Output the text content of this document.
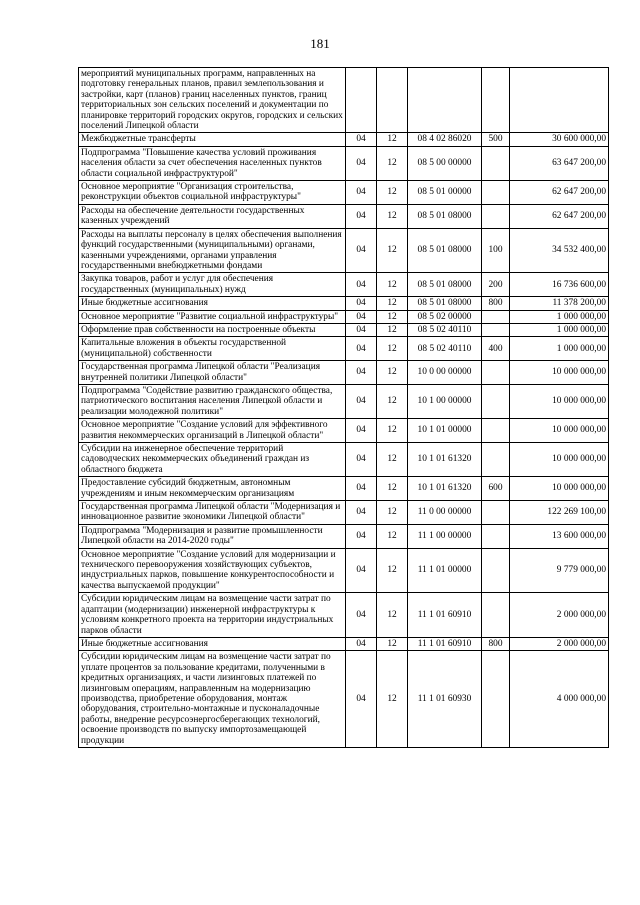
181
мероприятий муниципальных программ, направленных на подготовку генеральных планов, правил землепользования и застройки, карт (планов) границ населенных пунктов, границ территориальных зон сельских поселений и документации по планировке территорий городских округов, городских и сельских поселений Липецкой области					
Межбюджетные трансферты	04	12	08 4 02 86020	500	30 600 000,00
Подпрограмма "Повышение качества условий проживания населения области за счет обеспечения населенных пунктов области социальной инфраструктурой"	04	12	08 5 00 00000		63 647 200,00
Основное мероприятие "Организация строительства, реконструкции объектов социальной инфраструктуры"	04	12	08 5 01 00000		62 647 200,00
Расходы на обеспечение деятельности государственных казенных учреждений	04	12	08 5 01 08000		62 647 200,00
Расходы на выплаты персоналу в целях обеспечения выполнения функций государственными (муниципальными) органами, казенными учреждениями, органами управления государственными внебюджетными фондами	04	12	08 5 01 08000	100	34 532 400,00
Закупка товаров, работ и услуг для обеспечения государственных (муниципальных) нужд	04	12	08 5 01 08000	200	16 736 600,00
Иные бюджетные ассигнования	04	12	08 5 01 08000	800	11 378 200,00
Основное мероприятие "Развитие социальной инфраструктуры"	04	12	08 5 02 00000		1 000 000,00
Оформление прав собственности на построенные объекты	04	12	08 5 02 40110		1 000 000,00
Капитальные вложения в объекты государственной (муниципальной) собственности	04	12	08 5 02 40110	400	1 000 000,00
Государственная программа Липецкой области "Реализация внутренней политики Липецкой области"	04	12	10 0 00 00000		10 000 000,00
Подпрограмма "Содействие развитию гражданского общества, патриотического воспитания населения Липецкой области и реализации молодежной политики"	04	12	10 1 00 00000		10 000 000,00
Основное мероприятие "Создание условий для эффективного развития некоммерческих организаций в Липецкой области"	04	12	10 1 01 00000		10 000 000,00
Субсидии на инженерное обеспечение территорий садоводческих некоммерческих объединений граждан из областного бюджета	04	12	10 1 01 61320		10 000 000,00
Предоставление субсидий бюджетным, автономным учреждениям и иным некоммерческим организациям	04	12	10 1 01 61320	600	10 000 000,00
Государственная программа Липецкой области "Модернизация и инновационное развитие экономики Липецкой области"	04	12	11 0 00 00000		122 269 100,00
Подпрограмма "Модернизация и развитие промышленности Липецкой области на 2014-2020 годы"	04	12	11 1 00 00000		13 600 000,00
Основное мероприятие "Создание условий для модернизации и технического перевооружения хозяйствующих субъектов, индустриальных парков, повышение конкурентоспособности и качества выпускаемой продукции"	04	12	11 1 01 00000		9 779 000,00
Субсидии юридическим лицам на возмещение части затрат по адаптации (модернизации) инженерной инфраструктуры к условиям конкретного проекта на территории индустриальных парков области	04	12	11 1 01 60910		2 000 000,00
Иные бюджетные ассигнования	04	12	11 1 01 60910	800	2 000 000,00
Субсидии юридическим лицам на возмещение части затрат по уплате процентов за пользование кредитами, полученными в кредитных организациях, и части лизинговых платежей по лизинговым операциям, направленным на модернизацию производства, приобретение оборудования, монтаж оборудования, строительно-монтажные и пусконаладочные работы, внедрение ресурсоэнергосберегающих технологий, освоение производств по выпуску импортозамещающей продукции	04	12	11 1 01 60930		4 000 000,00
